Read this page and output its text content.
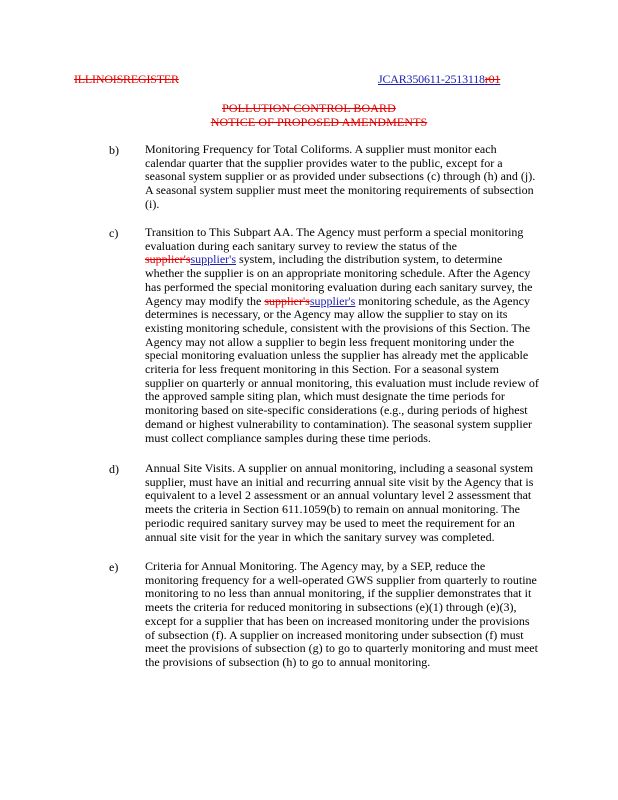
ILLINOISREGISTER	JCAR350611-2513118r01
POLLUTION CONTROL BOARD
NOTICE OF PROPOSED AMENDMENTS
b) Monitoring Frequency for Total Coliforms. A supplier must monitor each
calendar quarter that the supplier provides water to the public, except for a
seasonal system supplier or as provided under subsections (c) through (h) and (j).
A seasonal system supplier must meet the monitoring requirements of subsection
(i).
c) Transition to This Subpart AA. The Agency must perform a special monitoring
evaluation during each sanitary survey to review the status of the
supplier'ssupplier's system, including the distribution system, to determine
whether the supplier is on an appropriate monitoring schedule. After the Agency
has performed the special monitoring evaluation during each sanitary survey, the
Agency may modify the supplier'ssupplier's monitoring schedule, as the Agency
determines is necessary, or the Agency may allow the supplier to stay on its
existing monitoring schedule, consistent with the provisions of this Section. The
Agency may not allow a supplier to begin less frequent monitoring under the
special monitoring evaluation unless the supplier has already met the applicable
criteria for less frequent monitoring in this Section. For a seasonal system
supplier on quarterly or annual monitoring, this evaluation must include review of
the approved sample siting plan, which must designate the time periods for
monitoring based on site-specific considerations (e.g., during periods of highest
demand or highest vulnerability to contamination). The seasonal system supplier
must collect compliance samples during these time periods.
d) Annual Site Visits. A supplier on annual monitoring, including a seasonal system
supplier, must have an initial and recurring annual site visit by the Agency that is
equivalent to a level 2 assessment or an annual voluntary level 2 assessment that
meets the criteria in Section 611.1059(b) to remain on annual monitoring. The
periodic required sanitary survey may be used to meet the requirement for an
annual site visit for the year in which the sanitary survey was completed.
e) Criteria for Annual Monitoring. The Agency may, by a SEP, reduce the
monitoring frequency for a well-operated GWS supplier from quarterly to routine
monitoring to no less than annual monitoring, if the supplier demonstrates that it
meets the criteria for reduced monitoring in subsections (e)(1) through (e)(3),
except for a supplier that has been on increased monitoring under the provisions
of subsection (f). A supplier on increased monitoring under subsection (f) must
meet the provisions of subsection (g) to go to quarterly monitoring and must meet
the provisions of subsection (h) to go to annual monitoring.
